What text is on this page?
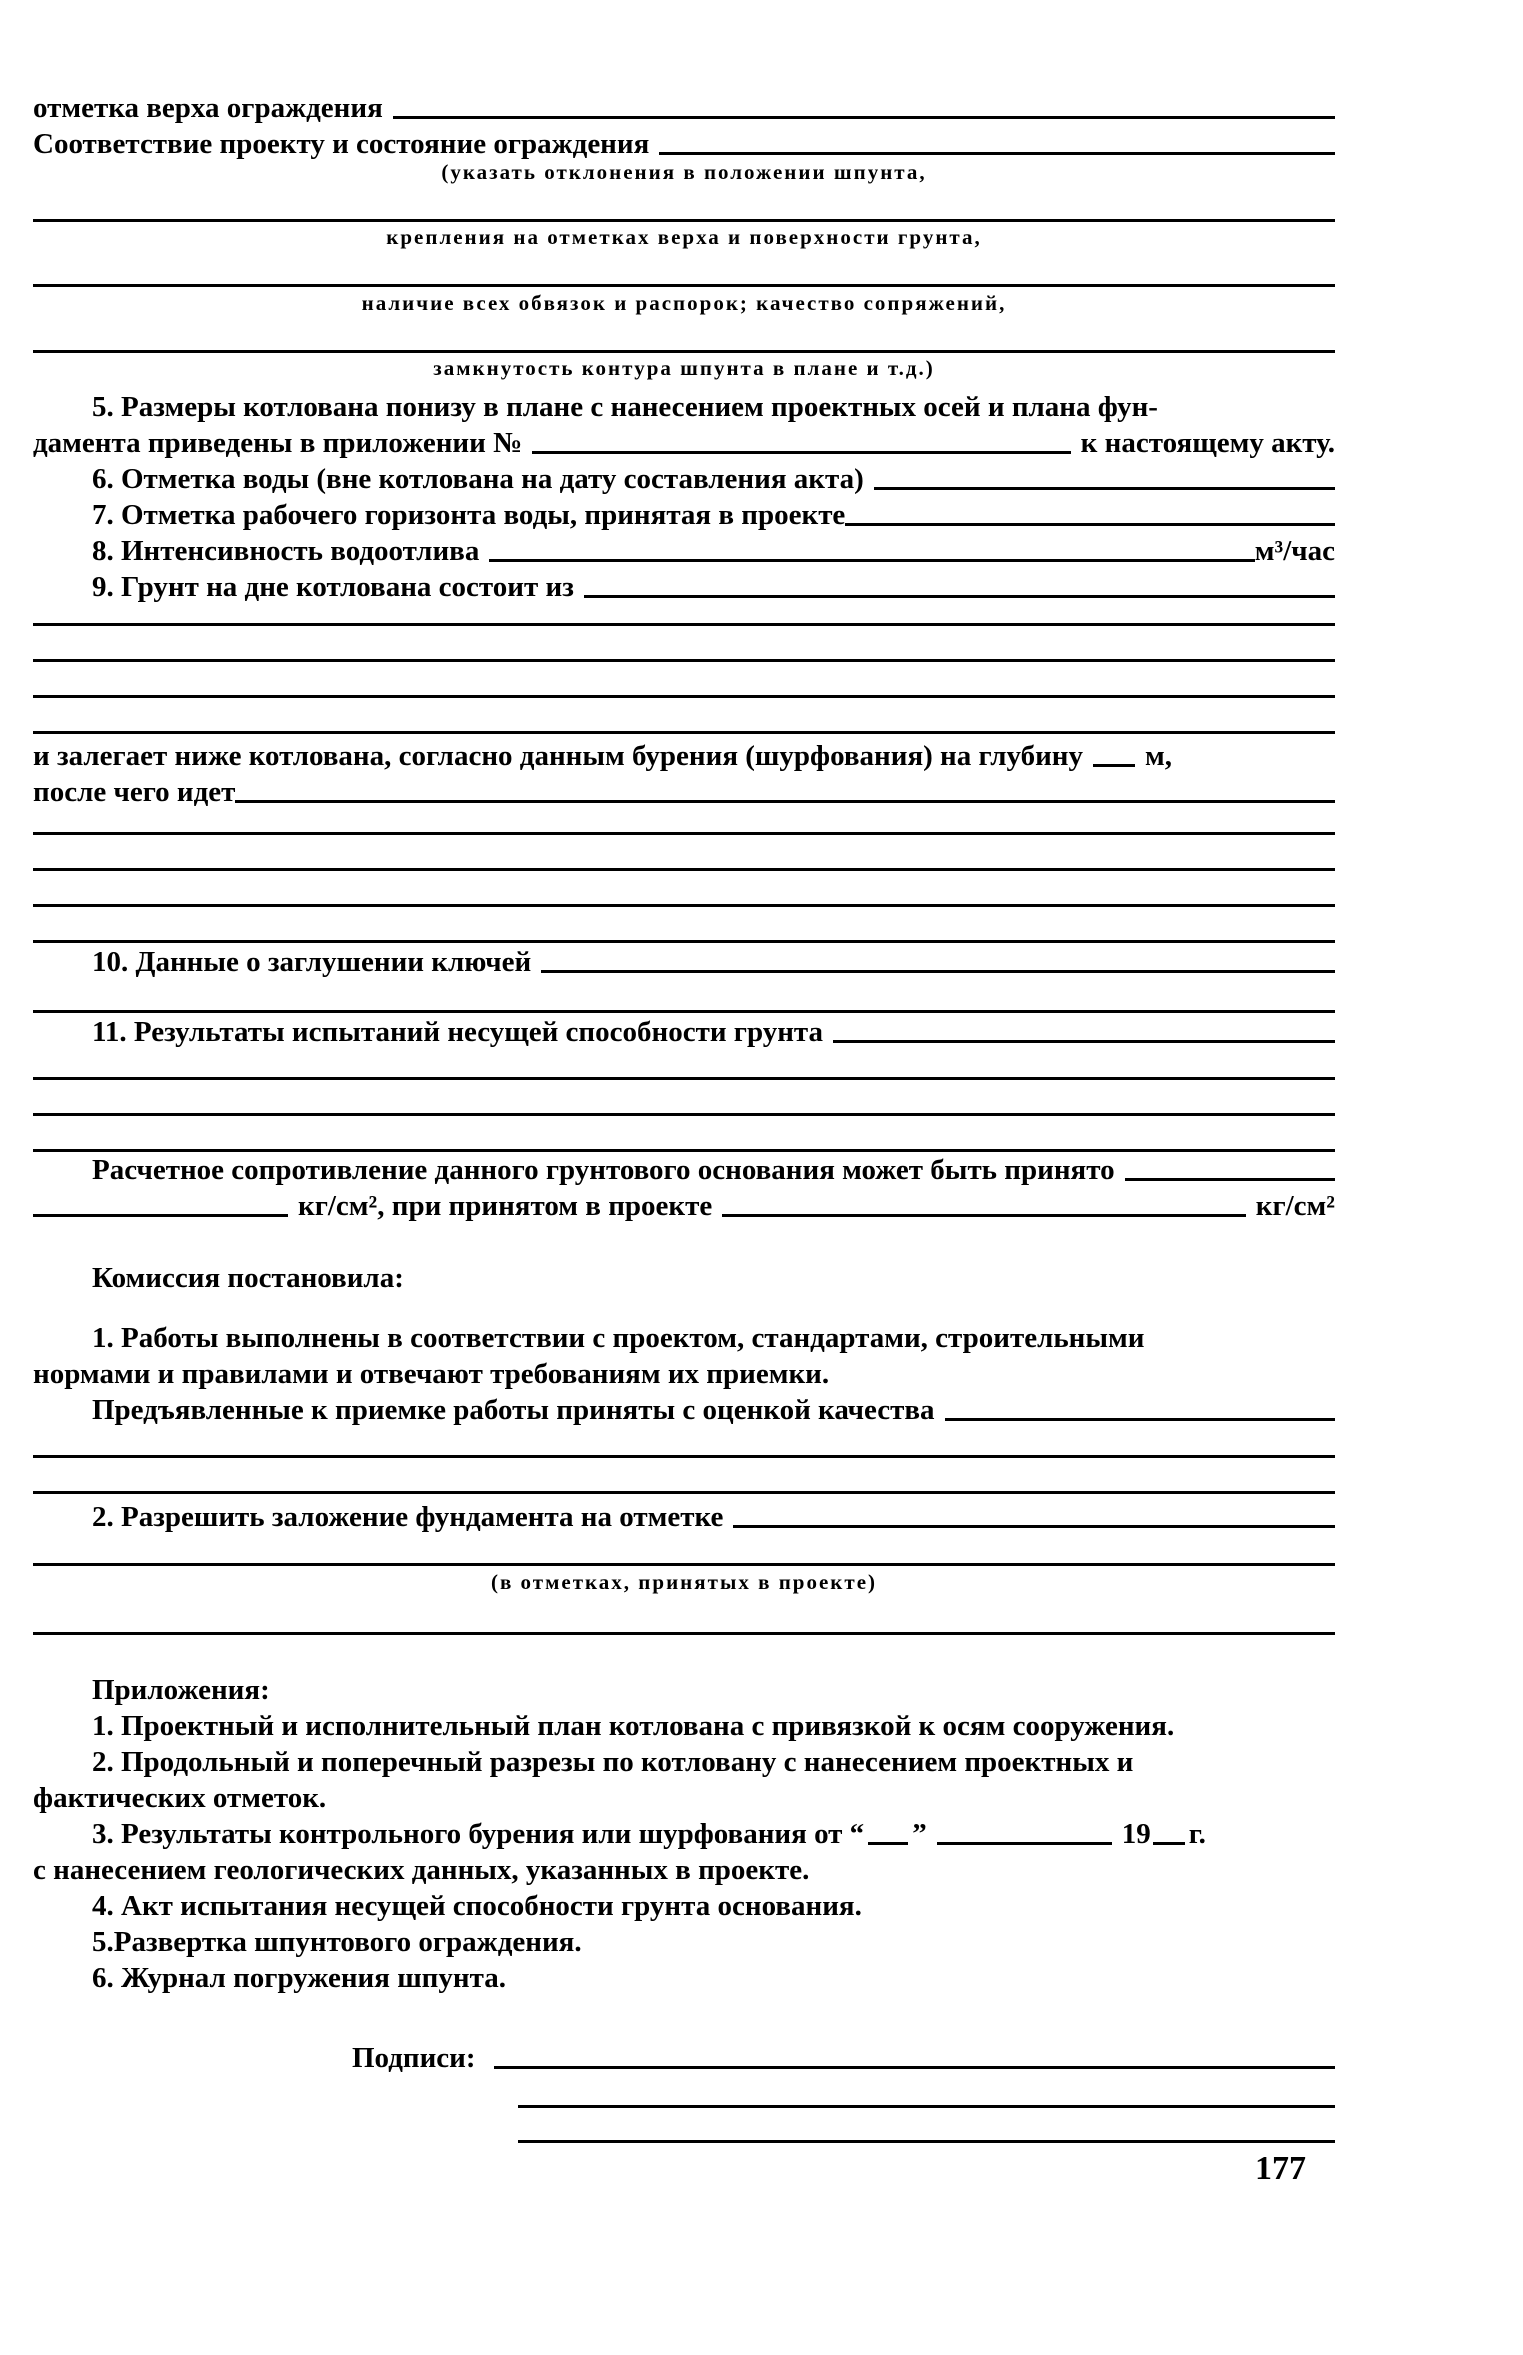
отметка верха ограждения
Соответствие проекту и состояние ограждения
(указать отклонения в положении шпунта,
крепления на отметках верха и поверхности грунта,
наличие всех обвязок и распорок; качество сопряжений,
замкнутость контура шпунта в плане и т.д.)
5. Размеры котлована понизу в плане с нанесением проектных осей и плана фун-
дамента приведены в приложении №	к настоящему акту.
6. Отметка воды (вне котлована на дату составления акта)
7. Отметка рабочего горизонта воды, принятая в проекте
8. Интенсивность водоотлива	м³/час
9. Грунт на дне котлована состоит из
и залегает ниже котлована, согласно данным бурения (шурфования) на глубину м,
после чего идет
10. Данные о заглушении ключей
11. Результаты испытаний несущей способности грунта
Расчетное сопротивление данного грунтового основания может быть принято
кг/см², при принятом в проекте	кг/см²
Комиссия постановила:
1. Работы выполнены в соответствии с проектом, стандартами, строительными
нормами и правилами и отвечают требованиям их приемки.
Предъявленные к приемке работы приняты с оценкой качества
2. Разрешить заложение фундамента на отметке
(в отметках, принятых в проекте)
Приложения:
1. Проектный и исполнительный план котлована с привязкой к осям сооружения.
2. Продольный и поперечный разрезы по котловану с нанесением проектных и
фактических отметок.
3. Результаты контрольного бурения или шурфования от “ ”	19 г.
с нанесением геологических данных, указанных в проекте.
4. Акт испытания несущей способности грунта основания.
5.Развертка шпунтового ограждения.
6. Журнал погружения шпунта.
Подписи:
177
